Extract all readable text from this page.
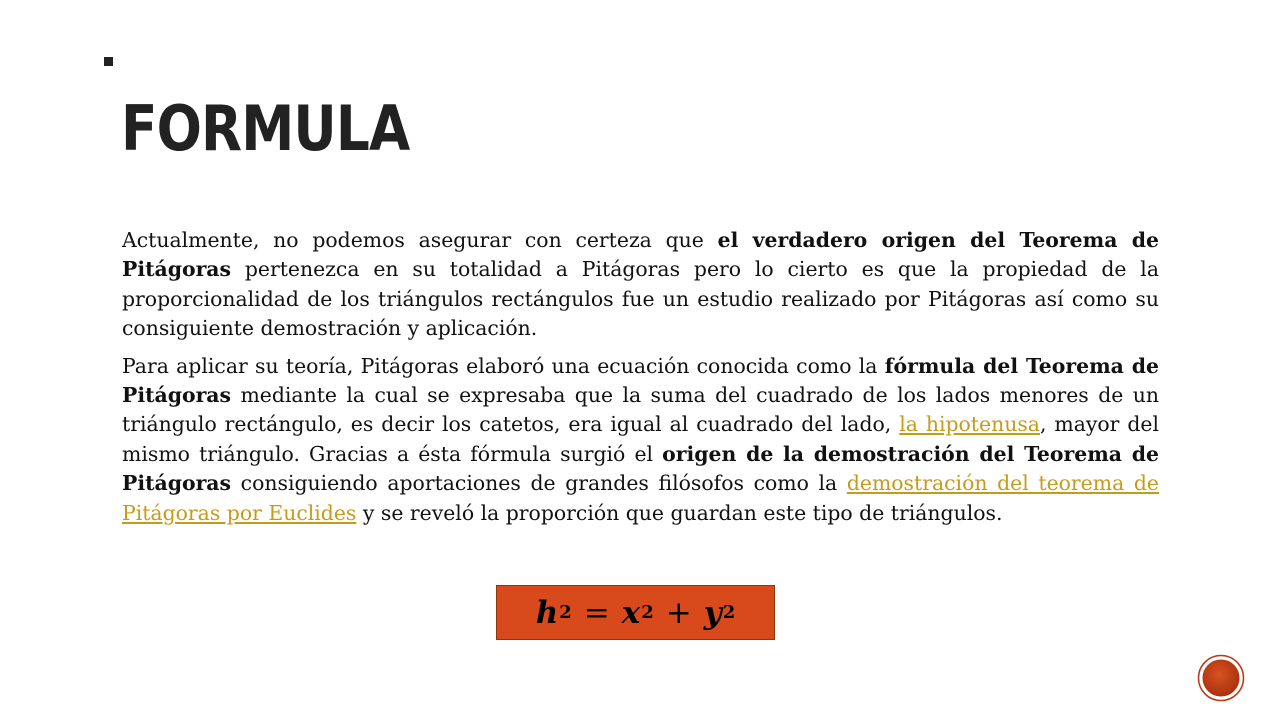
FORMULA

Actualmente, no podemos asegurar con certeza que el verdadero origen del Teorema de Pitágoras pertenezca en su totalidad a Pitágoras pero lo cierto es que la propiedad de la proporcionalidad de los triángulos rectángulos fue un estudio realizado por Pitágoras así como su consiguiente demostración y aplicación.

Para aplicar su teoría, Pitágoras elaboró una ecuación conocida como la fórmula del Teorema de Pitágoras mediante la cual se expresaba que la suma del cuadrado de los lados menores de un triángulo rectángulo, es decir los catetos, era igual al cuadrado del lado, la hipotenusa, mayor del mismo triángulo. Gracias a ésta fórmula surgió el origen de la demostración del Teorema de Pitágoras consiguiendo aportaciones de grandes filósofos como la demostración del teorema de Pitágoras por Euclides y se reveló la proporción que guardan este tipo de triángulos.

h 2 = x 2 + y 2
